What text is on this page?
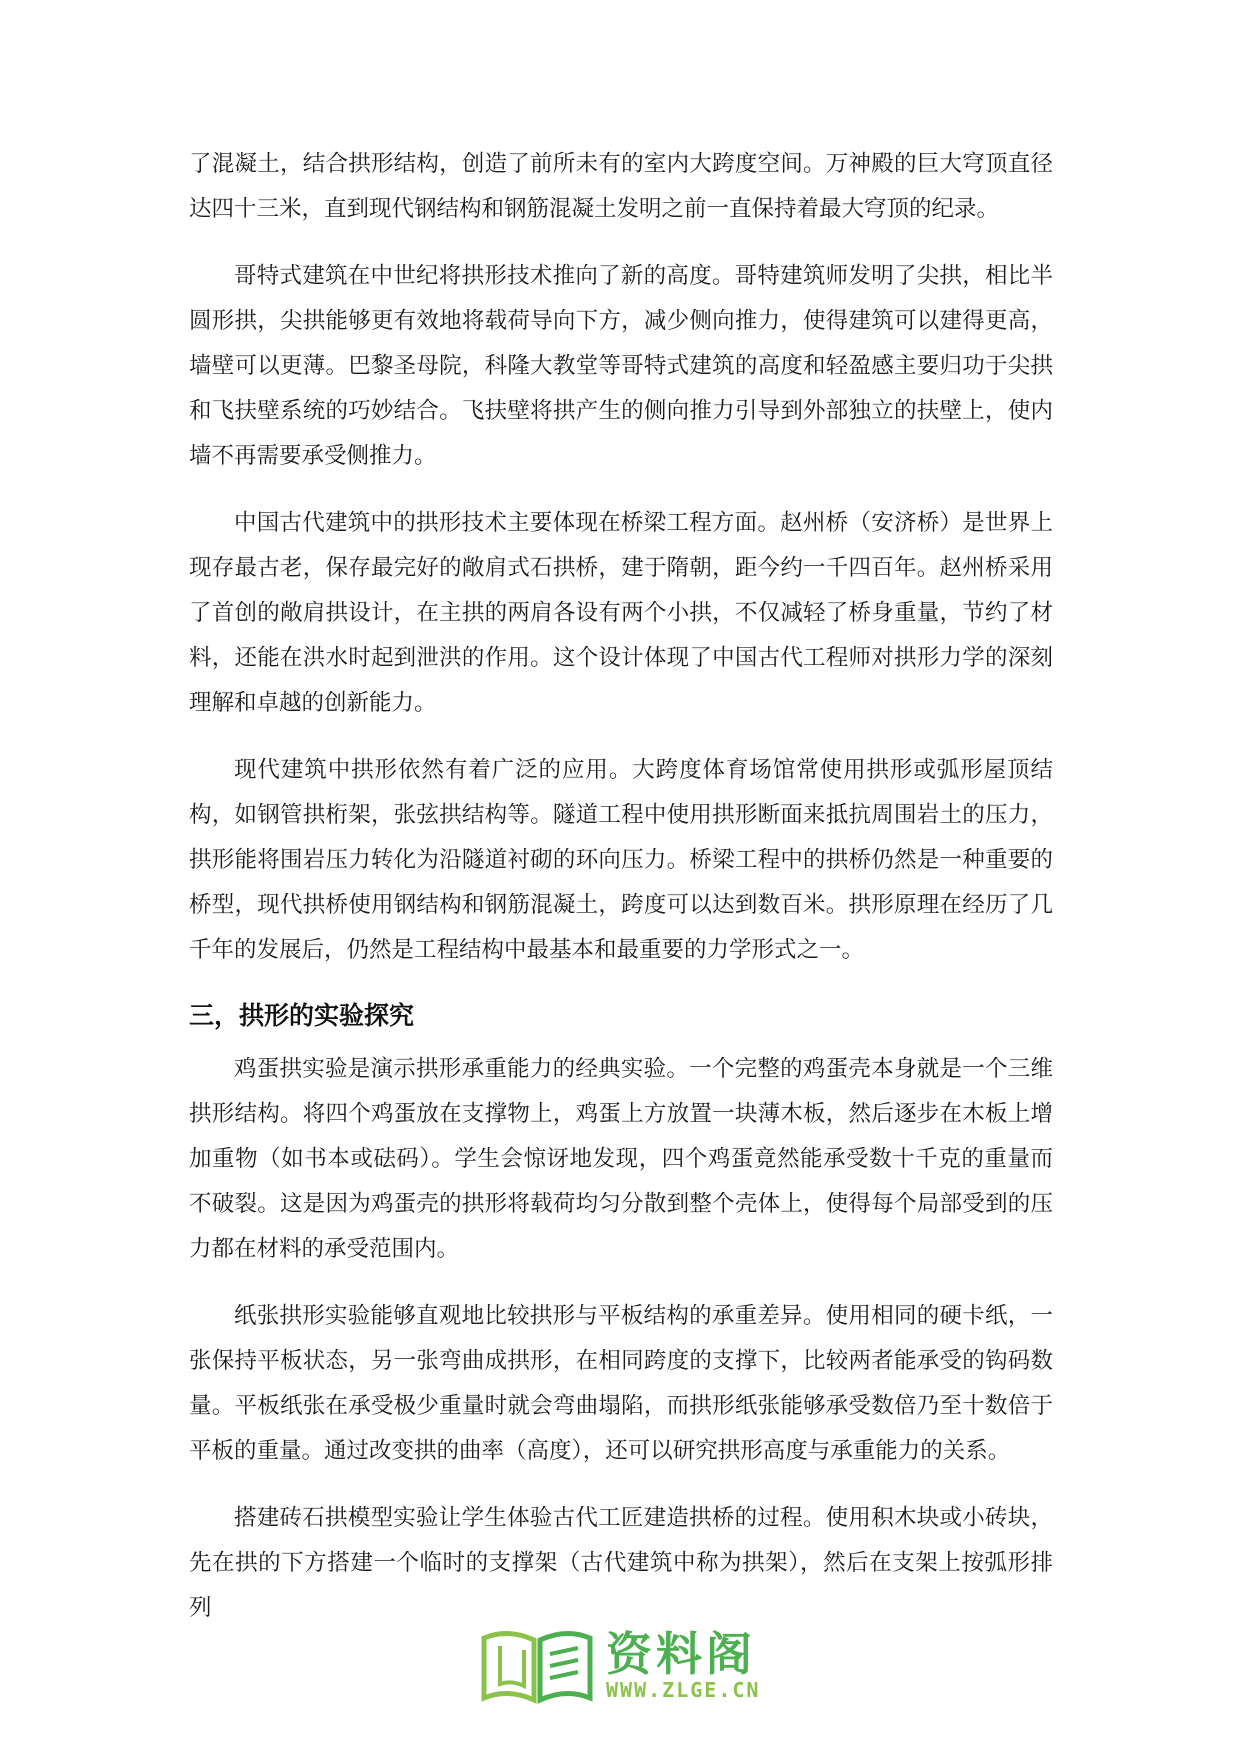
了混凝土，结合拱形结构，创造了前所未有的室内大跨度空间。万神殿的巨大穹顶直径达四十三米，直到现代钢结构和钢筋混凝土发明之前一直保持着最大穹顶的纪录。

哥特式建筑在中世纪将拱形技术推向了新的高度。哥特建筑师发明了尖拱，相比半圆形拱，尖拱能够更有效地将载荷导向下方，减少侧向推力，使得建筑可以建得更高，墙壁可以更薄。巴黎圣母院，科隆大教堂等哥特式建筑的高度和轻盈感主要归功于尖拱和飞扶壁系统的巧妙结合。飞扶壁将拱产生的侧向推力引导到外部独立的扶壁上，使内墙不再需要承受侧推力。

中国古代建筑中的拱形技术主要体现在桥梁工程方面。赵州桥（安济桥）是世界上现存最古老，保存最完好的敞肩式石拱桥，建于隋朝，距今约一千四百年。赵州桥采用了首创的敞肩拱设计，在主拱的两肩各设有两个小拱，不仅减轻了桥身重量，节约了材料，还能在洪水时起到泄洪的作用。这个设计体现了中国古代工程师对拱形力学的深刻理解和卓越的创新能力。

现代建筑中拱形依然有着广泛的应用。大跨度体育场馆常使用拱形或弧形屋顶结构，如钢管拱桁架，张弦拱结构等。隧道工程中使用拱形断面来抵抗周围岩土的压力，拱形能将围岩压力转化为沿隧道衬砌的环向压力。桥梁工程中的拱桥仍然是一种重要的桥型，现代拱桥使用钢结构和钢筋混凝土，跨度可以达到数百米。拱形原理在经历了几千年的发展后，仍然是工程结构中最基本和最重要的力学形式之一。

三，拱形的实验探究

鸡蛋拱实验是演示拱形承重能力的经典实验。一个完整的鸡蛋壳本身就是一个三维拱形结构。将四个鸡蛋放在支撑物上，鸡蛋上方放置一块薄木板，然后逐步在木板上增加重物（如书本或砝码）。学生会惊讶地发现，四个鸡蛋竟然能承受数十千克的重量而不破裂。这是因为鸡蛋壳的拱形将载荷均匀分散到整个壳体上，使得每个局部受到的压力都在材料的承受范围内。

纸张拱形实验能够直观地比较拱形与平板结构的承重差异。使用相同的硬卡纸，一张保持平板状态，另一张弯曲成拱形，在相同跨度的支撑下，比较两者能承受的钩码数量。平板纸张在承受极少重量时就会弯曲塌陷，而拱形纸张能够承受数倍乃至十数倍于平板的重量。通过改变拱的曲率（高度），还可以研究拱形高度与承重能力的关系。

搭建砖石拱模型实验让学生体验古代工匠建造拱桥的过程。使用积木块或小砖块，先在拱的下方搭建一个临时的支撑架（古代建筑中称为拱架），然后在支架上按弧形排列

资料阁
WWW.ZLGE.CN
